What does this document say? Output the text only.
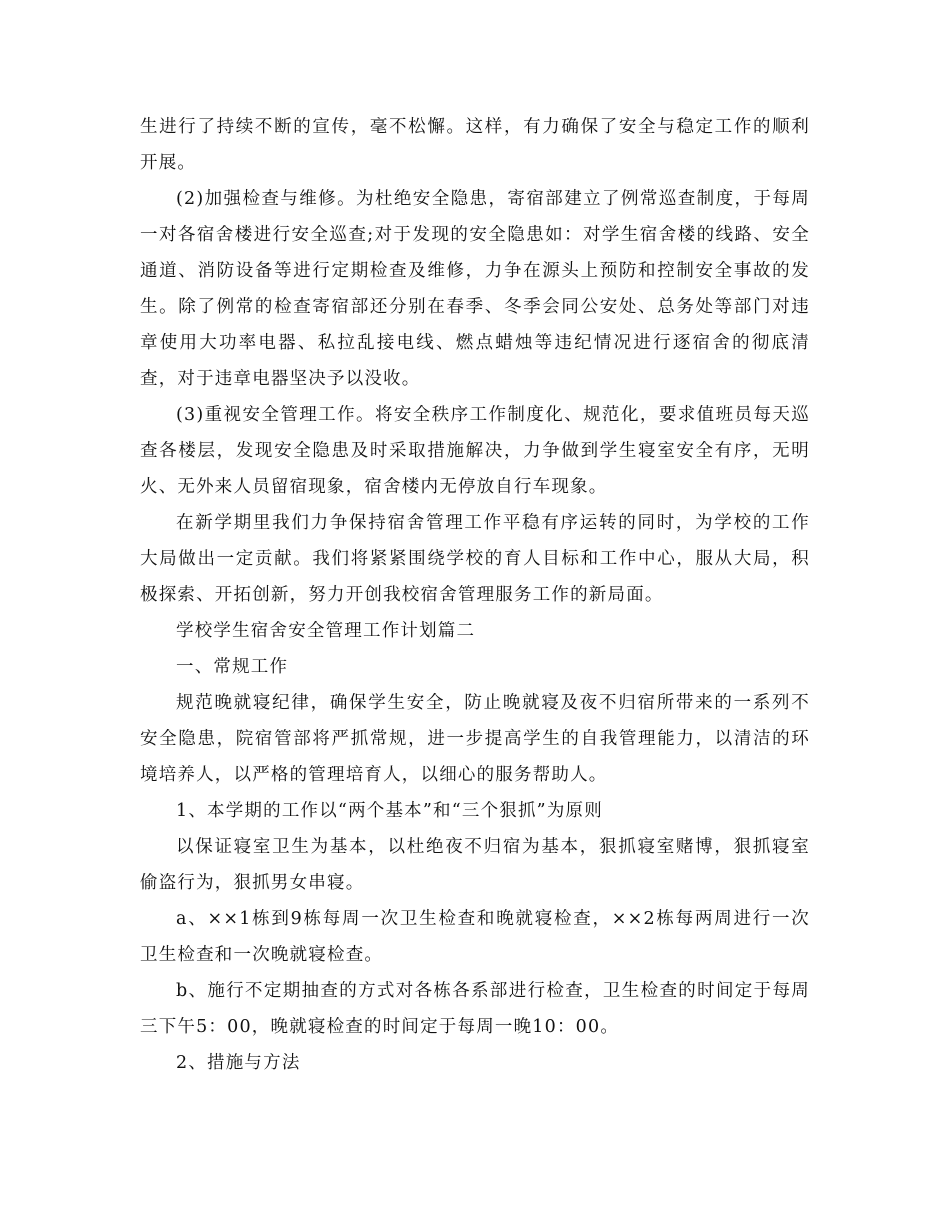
生进行了持续不断的宣传，毫不松懈。这样，有力确保了安全与稳定工作的顺利开展。

(2)加强检查与维修。为杜绝安全隐患，寄宿部建立了例常巡查制度，于每周一对各宿舍楼进行安全巡查;对于发现的安全隐患如：对学生宿舍楼的线路、安全通道、消防设备等进行定期检查及维修，力争在源头上预防和控制安全事故的发生。除了例常的检查寄宿部还分别在春季、冬季会同公安处、总务处等部门对违章使用大功率电器、私拉乱接电线、燃点蜡烛等违纪情况进行逐宿舍的彻底清查，对于违章电器坚决予以没收。

(3)重视安全管理工作。将安全秩序工作制度化、规范化，要求值班员每天巡查各楼层，发现安全隐患及时采取措施解决，力争做到学生寝室安全有序，无明火、无外来人员留宿现象，宿舍楼内无停放自行车现象。

在新学期里我们力争保持宿舍管理工作平稳有序运转的同时，为学校的工作大局做出一定贡献。我们将紧紧围绕学校的育人目标和工作中心，服从大局，积极探索、开拓创新，努力开创我校宿舍管理服务工作的新局面。

学校学生宿舍安全管理工作计划篇二

一、常规工作

规范晚就寝纪律，确保学生安全，防止晚就寝及夜不归宿所带来的一系列不安全隐患，院宿管部将严抓常规，进一步提高学生的自我管理能力，以清洁的环境培养人，以严格的管理培育人，以细心的服务帮助人。

1、本学期的工作以“两个基本”和“三个狠抓”为原则

以保证寝室卫生为基本，以杜绝夜不归宿为基本，狠抓寝室赌博，狠抓寝室偷盗行为，狠抓男女串寝。

a、××1栋到9栋每周一次卫生检查和晚就寝检查，××2栋每两周进行一次卫生检查和一次晚就寝检查。

b、施行不定期抽查的方式对各栋各系部进行检查，卫生检查的时间定于每周三下午5：00，晚就寝检查的时间定于每周一晚10：00。

2、措施与方法
